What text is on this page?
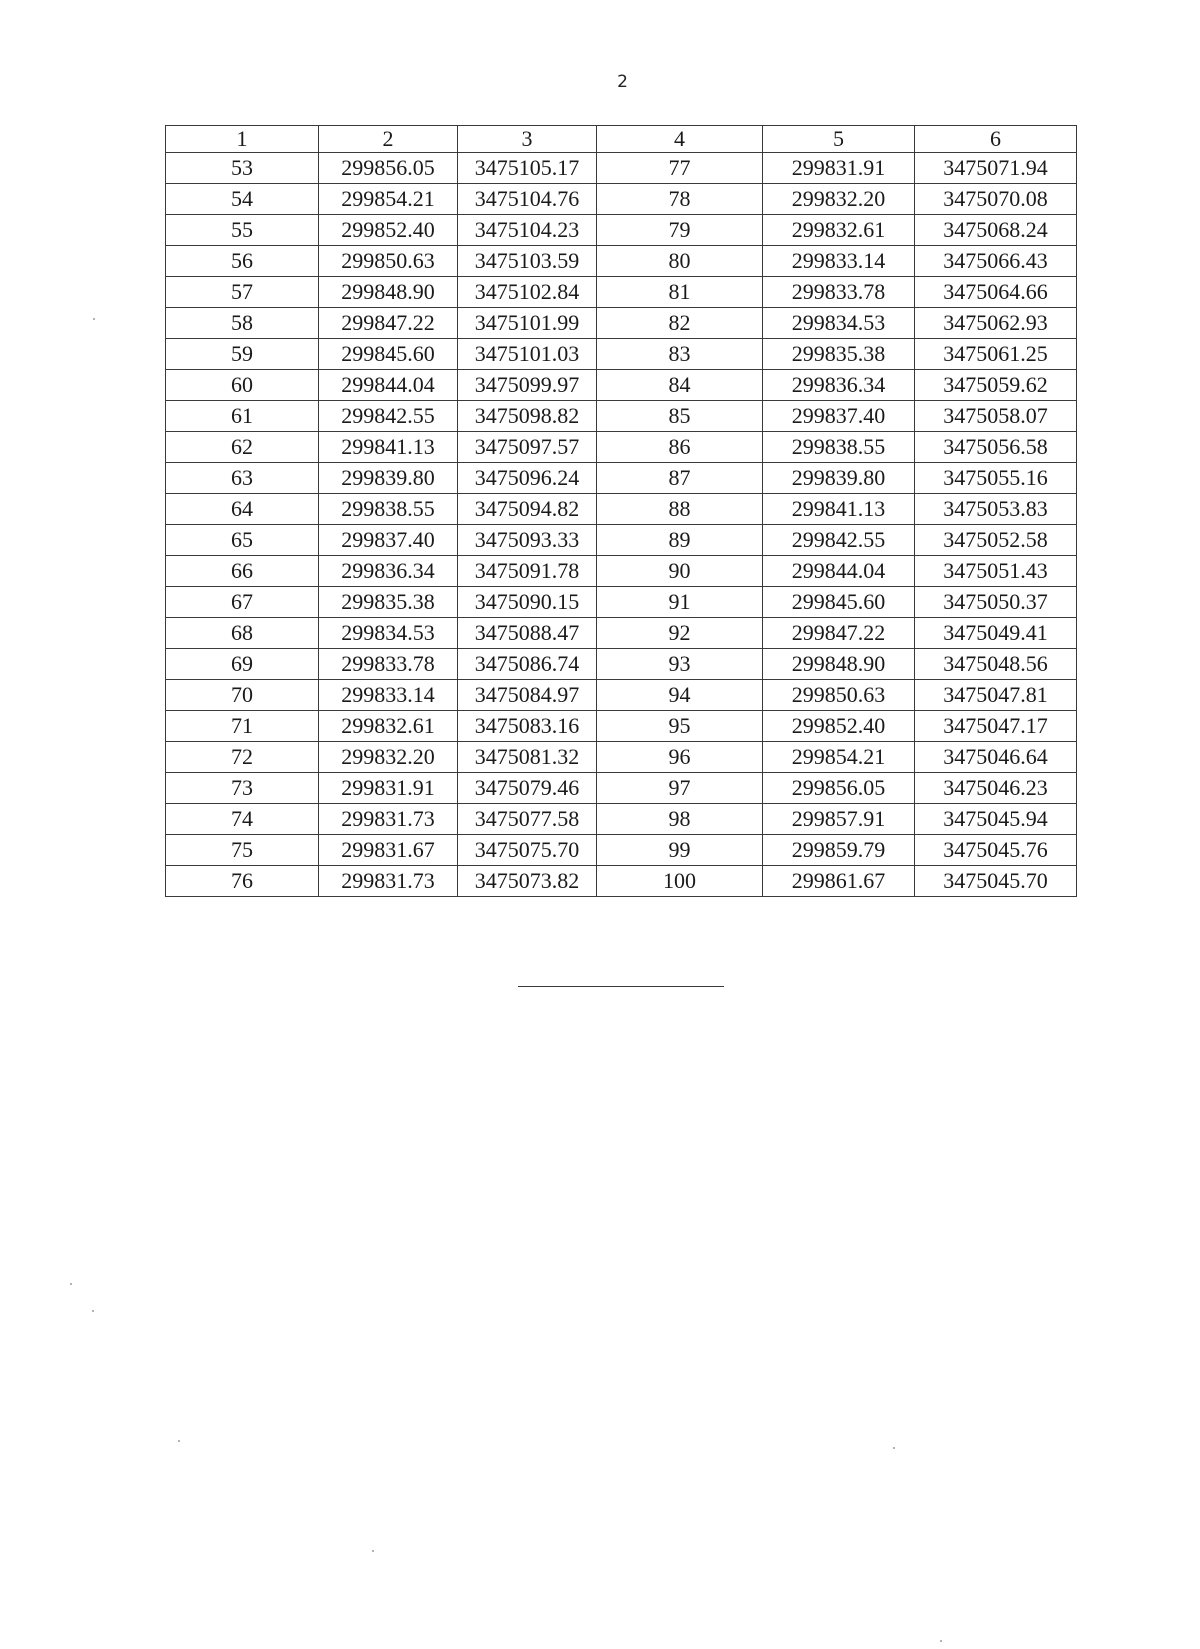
2
1	2	3	4	5	6
53	299856.05	3475105.17	77	299831.91	3475071.94
54	299854.21	3475104.76	78	299832.20	3475070.08
55	299852.40	3475104.23	79	299832.61	3475068.24
56	299850.63	3475103.59	80	299833.14	3475066.43
57	299848.90	3475102.84	81	299833.78	3475064.66
58	299847.22	3475101.99	82	299834.53	3475062.93
59	299845.60	3475101.03	83	299835.38	3475061.25
60	299844.04	3475099.97	84	299836.34	3475059.62
61	299842.55	3475098.82	85	299837.40	3475058.07
62	299841.13	3475097.57	86	299838.55	3475056.58
63	299839.80	3475096.24	87	299839.80	3475055.16
64	299838.55	3475094.82	88	299841.13	3475053.83
65	299837.40	3475093.33	89	299842.55	3475052.58
66	299836.34	3475091.78	90	299844.04	3475051.43
67	299835.38	3475090.15	91	299845.60	3475050.37
68	299834.53	3475088.47	92	299847.22	3475049.41
69	299833.78	3475086.74	93	299848.90	3475048.56
70	299833.14	3475084.97	94	299850.63	3475047.81
71	299832.61	3475083.16	95	299852.40	3475047.17
72	299832.20	3475081.32	96	299854.21	3475046.64
73	299831.91	3475079.46	97	299856.05	3475046.23
74	299831.73	3475077.58	98	299857.91	3475045.94
75	299831.67	3475075.70	99	299859.79	3475045.76
76	299831.73	3475073.82	100	299861.67	3475045.70
